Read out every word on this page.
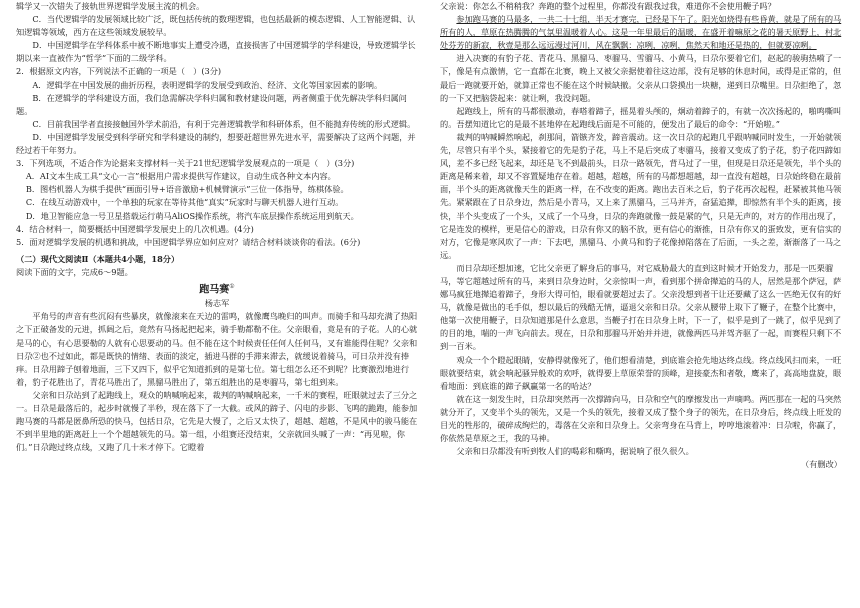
辑学又一次错失了接轨世界逻辑学发展主流的机会。

C．当代逻辑学的发展领域比较广泛，既包括传统的数理逻辑，也包括最新的模态逻辑、人工智能逻辑、认知逻辑等领域，西方在这些领域发展较早。

D．中国逻辑学在学科体系中被不断地事实上遭受冷遇，直接损害了中国逻辑学的学科建设，导致逻辑学长期以来一直被作为“哲学”下面的二级学科。

2．根据原文内容，下列说法不正确的一项是（　）(3分)

A．逻辑学在中国发展的曲折历程，表明逻辑学的发展受到政治、经济、文化等国家因素的影响。

B．在逻辑学的学科建设方面，我们急需解决学科归属和教材建设问题，两者侧重于优先解决学科归属问题。

C．目前我国学者直接接触国外学术前沿，有利于完善逻辑教学和科研体系，但不能抛弃传统的形式逻辑。

D．中国逻辑学发展受到科学研究和学科建设的制约，想要赶超世界先进水平，需要解决了这两个问题，并经过若干年努力。

3．下列选项，不适合作为论据来支撑材料一关于21世纪逻辑学发展观点的一项是（　）(3分)

A．AI文本生成工具“文心一言”根据用户需求提供写作建议，自动生成各种文本内容。

B．图档机器人为棋手提供“画面引导+语音激励+机械臂演示”三位一体指导，练棋体验。

C．在线互动游戏中，一个单独的玩家在等待其他“真实”玩家时与聊天机器人进行互动。

D．地卫智能应急一号卫星搭载运行萌马AliOS操作系统，将汽车底层操作系统运用到航天。

4．结合材料一，简要概括中国逻辑学发展史上的几次机遇。(4分)

5．面对逻辑学发展的机遇和挑战，中国逻辑学界应如何应对？请结合材料谈谈你的看法。(6分)

（二）现代文阅读Ⅱ（本题共4小题，18分）

阅读下面的文字，完成6～9题。

跑马赛①

杨志军

平角号的声音有些沉闷有些暴戾，就像滚来在天边的雷鸣，就像鹰鸟晚归的叫声。而骑手和马却充满了热阳之下正破备发的元进，抓阔之后，竟然有马扬起把起来，骑手勒都勒不住。父亲眼看，竟是有的子花。人的心就是马的心，有心思要勒的人就有心思要动的马。但不能在这个时候责任任何人任何马，叉有谁能得住呢？父亲和日尕②也不过如此，都是既快的情绪、表面的淡定，插进马群的手滞来滞去，就缓说着骑马，可日尕并没有捧痒。日尕用蹄子刨着地面，三下又四下，似乎它知道抓到的是第七位。第七组怎么还不到呢？比赛激烈地进行着，豹子花胜出了，青花马胜出了，黑骝马胜出了，第五组胜出的是枣骝马，第七组到来。

父亲和日尕站到了起跑线上，观众的呐喊响起来，裁判的呐喊响起来，一千米的赛程，旺眼就过去了三分之一。日尕是最落后的，起步时就慢了半秒，现在落下了一大截。或风的蹄子、闪电的步影、飞鸣的跪跑，能参加跑马赛的马都是匿鼻所恐的快马，包括日尕，它先是大慢了，之后又太快了，超越、超越，不是风中的骏马能在不到半里地的距离赶上一个个超越领先的马。第一组，小组赛还没结束，父亲就回头喊了一声：“再见啦，你们。”日尕跑过终点线，又跑了几十米才停下。它瞪着

父亲说：你怎么不稍稍我？奔跑的整个过程里，你都没有跟我过我，难道你不会使用鞭子吗？

参加跑马赛的马最多，一共二十七组，半天才赛完，已经是下午了。阳光如烧得有些昏黄，就是了所有的马所有的人，草原在热腾腾的气氛里温暖着人心。这是一年里最后的温暖，在盛开着嘛原之花的暑天原野上，村北处芬芳的新寂，秋壹是那么远远漫过河川，风在飘飘：凉咧，凉咧，焦然天和地还是热的，但就要凉咧。

进入决赛的有豹子花、青花马、黑骝马、枣骝马、雪骝马、小黄马，日尕尔要着它们，赵起的骏驹热嗬了一下，像是有点激情，它一直都在北赛，晚上又被父亲据使着往这边部，没有足够的休息时间，或得是正常的，但最后一跑就要开始，就算正常也不能在这个时候缺撤。父亲从口袋摸出一块糖，递到日尕嘴里。日尕拒绝了，忽的一下又把脑袋起来：就让咧，我没问题。

起跑线上，所有的马都很激动，春嗒着蹄子，摇晃着头颅的，炯动着蹄子的，有就一次次扬起的，啪鸣嘶叫的。吾摆知道比它的是最不甚地停在起跑线后面是不可能的，便发出了最后的命令：“开始啦。”

裁判的呐喊瞬然响起，刹那间，箭镞齐发，蹄音震动。这一次日尕的起跑几乎跟呐喊同时发生，一开始就领先，尽管只有半个头，紧接着它的先是豹子花，马上不是后突成了枣骝马，接着又变成了豹子花，豹子花四蹄如风，差不多已经飞起来，却还是飞不到最前头，日尕一路领先，背马过了一里，但现是日尕还是领先，半个头的距离是稀来着，却又不容置疑地存在着。超越，超越，所有的马都想超越，却一直没有超越，日尕始终稳在最前面，半个头的距离就像天生的距离一样，在不改变的距离。跑出去百米之后，豹子花再次起程，赶紧被其他马领先。紧紧跟在了日尕身边，然后是小青马，又上来了黑骝马，三马并齐，奋猛追撵，即惊然有半个头的距离，接快，半个头变成了一个头，又成了一个马身，日尕的奔跑就像一鼓是紧的气，只是无声的，对方的作用出现了，它是连发的模样，更是信心的游戏，日尕有你又的脑不放，更有信心的渐推，日尕有你又的蛋致发，更有信实的对方，它像是寒风吹了一声：下去吧，黑骝马、小黄马和豹子花像掉陷落在了后面，一头之差，渐渐落了一马之远。

而日尕却还想加速，它比父亲更了解身后的事马，对它威胁最大的直到这时候才开始发力，那是一匹栗骝马，等它超越过所有的马，来到日尕身边时，父亲惊叫一声，看到那个拼命撵追的马的人，居然是那个萨冠，萨娜马疯狂地撵追着蹄子，身形大得可怕，眼看就要超过去了。父亲没想到者干让还要藏了这么一匹绝无仅有的好马，就像是做出的毛手似，想以最后的残酷无情，逼退父亲和日尕。父亲从腰带上取下了鞭子，在整个比赛中，他第一次使用鞭子，日尕知道那是什么意思，当鞭子打在日尕身上时，下一了，似乎是到了一跳了，似乎见到了的目的地，喘的一声飞向前去。现在，日尕和那骝马开始并并进，就像两匹马并驾齐驱了一起，而赛程只剩下不到一百米。

观众一个个瞪起眼睛，安静得就像死了，他们想看清楚，到底谁会抢先地达终点线。终点线风扫而来，一旺眼就要结束，就会响起骚异般欢的欢呼，就得要上草原荣誉的顶峰，迎接豪杰和者敬，鹰来了，高高地盘旋，眼看地面：到底谁的蹄子飙赢第一名的哈达？

就在这一刻发生时，日尕却突然再一次撑蹄向马，日尕和空气的摩擦发出一声嘀鸣。两匹那在一起的马突然就分开了，又变半个头的领先，又是一个头的领先，接着又成了整个身子的领先，在日尕身后，终点线上旺发的目光的牲彤的，破碎成绚烂的，毒落在父亲和日尕身上。父亲弯身在马背上，哼哼地滚着冲：日尕啦，你赢了，你依然是草原之王，我的马神。

父亲和日尕都没有听到牧人们的喝彩和嘶鸣，据说响了很久很久。

（有删改）
